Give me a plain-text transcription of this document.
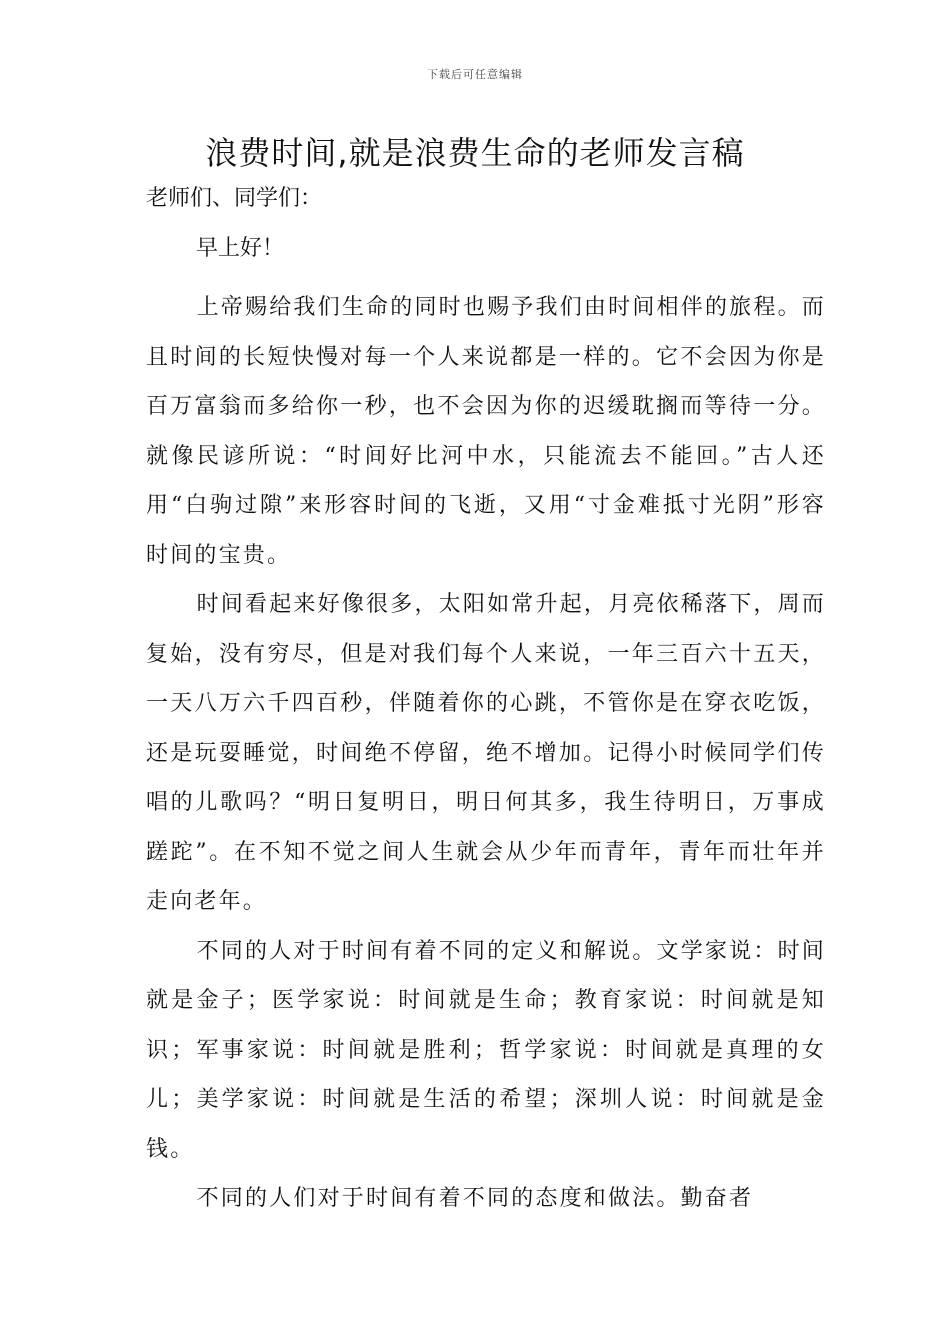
下载后可任意编辑
浪费时间,就是浪费生命的老师发言稿

老师们、同学们：

早上好！

上帝赐给我们生命的同时也赐予我们由时间相伴的旅程。而且时间的长短快慢对每一个人来说都是一样的。它不会因为你是百万富翁而多给你一秒，也不会因为你的迟缓耽搁而等待一分。就像民谚所说：“时间好比河中水，只能流去不能回。”古人还用“白驹过隙”来形容时间的飞逝，又用“寸金难抵寸光阴”形容时间的宝贵。

时间看起来好像很多，太阳如常升起，月亮依稀落下，周而复始，没有穷尽，但是对我们每个人来说，一年三百六十五天，一天八万六千四百秒，伴随着你的心跳，不管你是在穿衣吃饭，还是玩耍睡觉，时间绝不停留，绝不增加。记得小时候同学们传唱的儿歌吗？“明日复明日，明日何其多，我生待明日，万事成蹉跎”。在不知不觉之间人生就会从少年而青年，青年而壮年并走向老年。

不同的人对于时间有着不同的定义和解说。文学家说：时间就是金子；医学家说：时间就是生命；教育家说：时间就是知识；军事家说：时间就是胜利；哲学家说：时间就是真理的女儿；美学家说：时间就是生活的希望；深圳人说：时间就是金钱。

不同的人们对于时间有着不同的态度和做法。勤奋者
